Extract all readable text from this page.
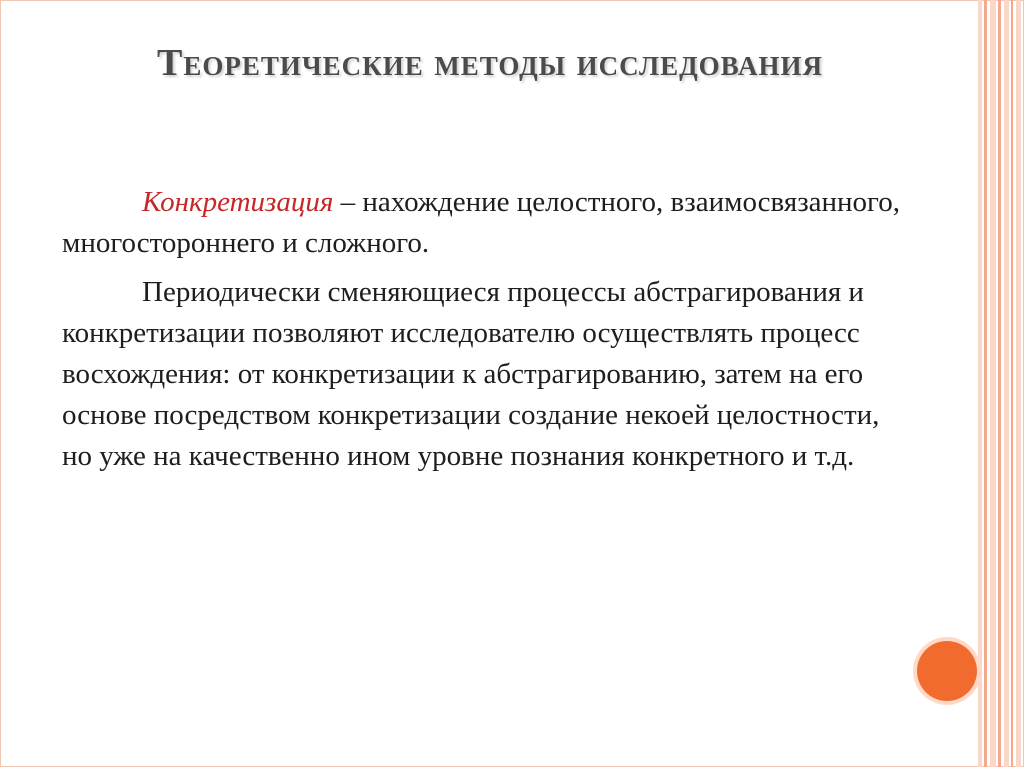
Теоретические методы исследования

Конкретизация – нахождение целостного, взаимосвязанного, многостороннего и сложного.

Периодически сменяющиеся процессы абстрагирования и конкретизации позволяют исследователю осуществлять процесс восхождения: от конкретизации к абстрагированию, затем на его основе посредством конкретизации создание некоей целостности, но уже на качественно ином уровне познания конкретного и т.д.
